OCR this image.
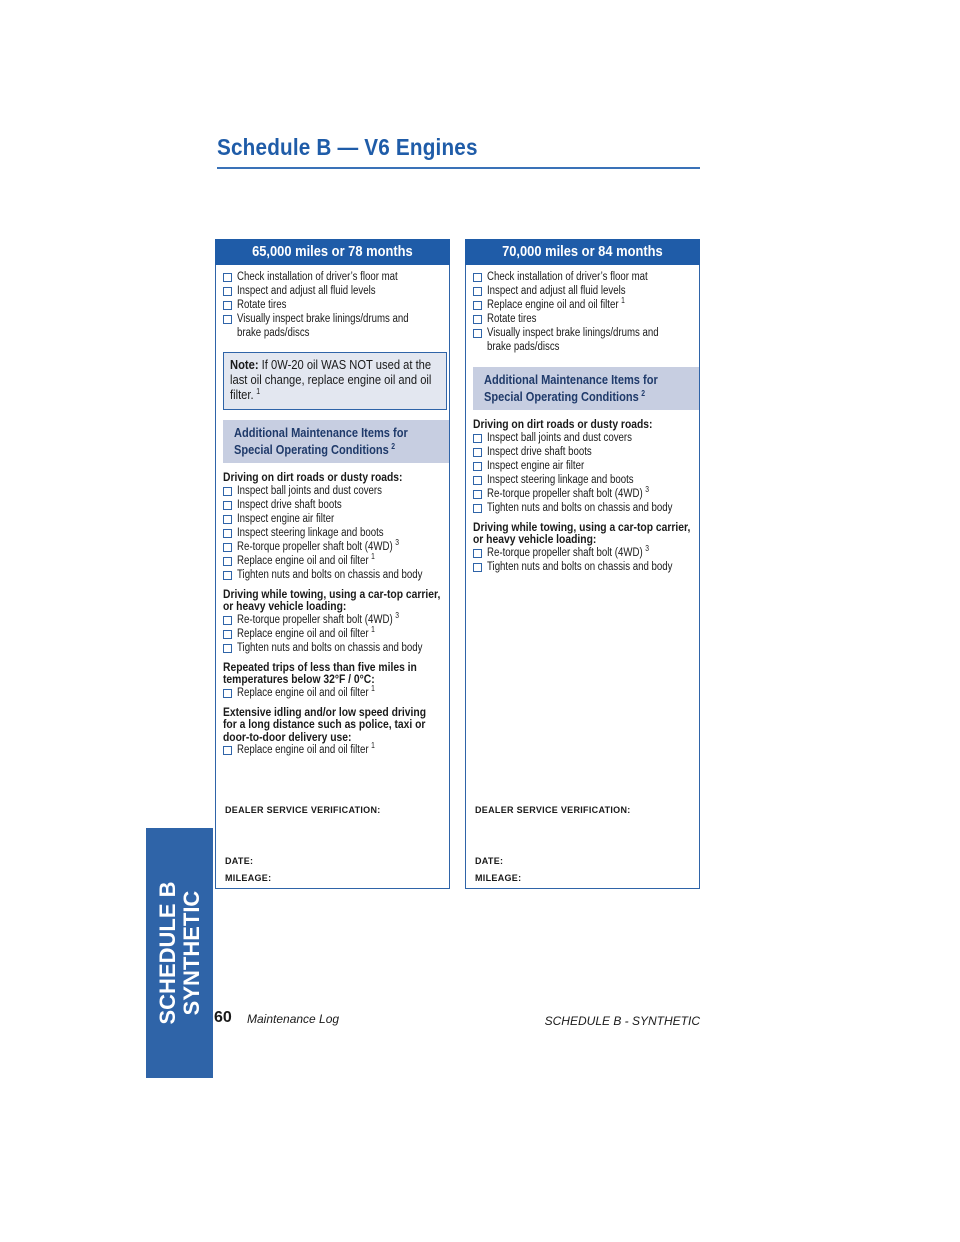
Schedule B — V6 Engines
SCHEDULE B SYNTHETIC
65,000 miles or 78 months
Check installation of driver’s floor mat
Inspect and adjust all fluid levels
Rotate tires
Visually inspect brake linings/drums and brake pads/discs
Note: If 0W-20 oil WAS NOT used at the last oil change, replace engine oil and oil filter. $^1$
Additional Maintenance Items for
Special Operating Conditions $^2$
Driving on dirt roads or dusty roads:
Inspect ball joints and dust covers
Inspect drive shaft boots
Inspect engine air filter
Inspect steering linkage and boots
Re-torque propeller shaft bolt (4WD) $^3$
Replace engine oil and oil filter $^1$
Tighten nuts and bolts on chassis and body
Driving while towing, using a car-top carrier, or heavy vehicle loading:
Re-torque propeller shaft bolt (4WD) $^3$
Replace engine oil and oil filter $^1$
Tighten nuts and bolts on chassis and body
Repeated trips of less than five miles in temperatures below 32°F / 0°C:
Replace engine oil and oil filter $^1$
Extensive idling and/or low speed driving for a long distance such as police, taxi or door-to-door delivery use:
Replace engine oil and oil filter $^1$
DEALER SERVICE VERIFICATION:
DATE:
MILEAGE:
70,000 miles or 84 months
Check installation of driver’s floor mat
Inspect and adjust all fluid levels
Replace engine oil and oil filter $^1$
Rotate tires
Visually inspect brake linings/drums and brake pads/discs
Additional Maintenance Items for
Special Operating Conditions $^2$
Driving on dirt roads or dusty roads:
Inspect ball joints and dust covers
Inspect drive shaft boots
Inspect engine air filter
Inspect steering linkage and boots
Re-torque propeller shaft bolt (4WD) $^3$
Tighten nuts and bolts on chassis and body
Driving while towing, using a car-top carrier, or heavy vehicle loading:
Re-torque propeller shaft bolt (4WD) $^3$
Tighten nuts and bolts on chassis and body
DEALER SERVICE VERIFICATION:
DATE:
MILEAGE:
60 Maintenance Log	SCHEDULE B - SYNTHETIC
